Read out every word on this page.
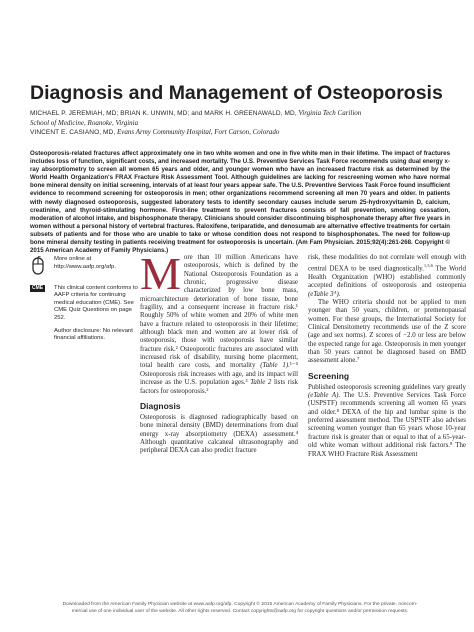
Diagnosis and Management of Osteoporosis
MICHAEL P. JEREMIAH, MD; BRIAN K. UNWIN, MD; and MARK H. GREENAWALD, MD, Virginia Tech Carilion
School of Medicine, Roanoke, Virginia
VINCENT E. CASIANO, MD, Evans Army Community Hospital, Fort Carson, Colorado
Osteoporosis-related fractures affect approximately one in two white women and one in five white men in their lifetime. The impact of fractures includes loss of function, significant costs, and increased mortality. The U.S. Preventive Services Task Force recommends using dual energy x-ray absorptiometry to screen all women 65 years and older, and younger women who have an increased fracture risk as determined by the World Health Organization's FRAX Fracture Risk Assessment Tool. Although guidelines are lacking for rescreening women who have normal bone mineral density on initial screening, intervals of at least four years appear safe. The U.S. Preventive Services Task Force found insufficient evidence to recommend screening for osteoporosis in men; other organizations recommend screening all men 70 years and older. In patients with newly diagnosed osteoporosis, suggested laboratory tests to identify secondary causes include serum 25-hydroxyvitamin D, calcium, creatinine, and thyroid-stimulating hormone. First-line treatment to prevent fractures consists of fall prevention, smoking cessation, moderation of alcohol intake, and bisphosphonate therapy. Clinicians should consider discontinuing bisphosphonate therapy after five years in women without a personal history of vertebral fractures. Raloxifene, teriparatide, and denosumab are alternative effective treatments for certain subsets of patients and for those who are unable to take or whose condition does not respond to bisphosphonates. The need for follow-up bone mineral density testing in patients receiving treatment for osteoporosis is uncertain. (Am Fam Physician. 2015;92(4):261-268. Copyright © 2015 American Academy of Family Physicians.)
More online at http://www.aafp.org/afp.
CME	This clinical content conforms to AAFP criteria for continuing medical education (CME). See CME Quiz Questions on page 252.
Author disclosure: No relevant financial affiliations.

More than 10 million Americans have osteoporosis, which is defined by the National Osteoporosis Foundation as a chronic, progressive disease characterized by low bone mass, microarchitecture deterioration of bone tissue, bone fragility, and a consequent increase in fracture risk.¹ Roughly 50% of white women and 20% of white men have a fracture related to osteoporosis in their lifetime; although black men and women are at lower risk of osteoporosis, those with osteoporosis have similar fracture risk.² Osteoporotic fractures are associated with increased risk of disability, nursing home placement, total health care costs, and mortality (Table 1).¹⁻⁵ Osteoporosis risk increases with age, and its impact will increase as the U.S. population ages.³ Table 2 lists risk factors for osteoporosis.²

Diagnosis

Osteoporosis is diagnosed radiographically based on bone mineral density (BMD) determinations from dual energy x-ray absorptiometry (DEXA) assessment.⁴ Although quantitative calcaneal ultrasonography and peripheral DEXA can also predict fracture

risk, these modalities do not correlate well enough with central DEXA to be used diagnostically.$^{1,5,6}$ The World Health Organization (WHO) established commonly accepted definitions of osteoporosis and osteopenia (eTable 3ᴬ).

The WHO criteria should not be applied to men younger than 50 years, children, or premenopausal women. For these groups, the International Society for Clinical Densitometry recommends use of the Z score (age and sex norms). Z scores of −2.0 or less are below the expected range for age. Osteoporosis in men younger than 50 years cannot be diagnosed based on BMD assessment alone.⁷

Screening

Published osteoporosis screening guidelines vary greatly (eTable A). The U.S. Preventive Services Task Force (USPSTF) recommends screening all women 65 years and older.⁸ DEXA of the hip and lumbar spine is the preferred assessment method. The USPSTF also advises screening women younger than 65 years whose 10-year fracture risk is greater than or equal to that of a 65-year-old white woman without additional risk factors.⁸ The FRAX WHO Fracture Risk Assessment

Downloaded from the American Family Physician website at www.aafp.org/afp. Copyright © 2015 American Academy of Family Physicians. For the private, noncom-
mercial use of one individual user of the website. All other rights reserved. Contact copyrights@aafp.org for copyright questions and/or permission requests.
